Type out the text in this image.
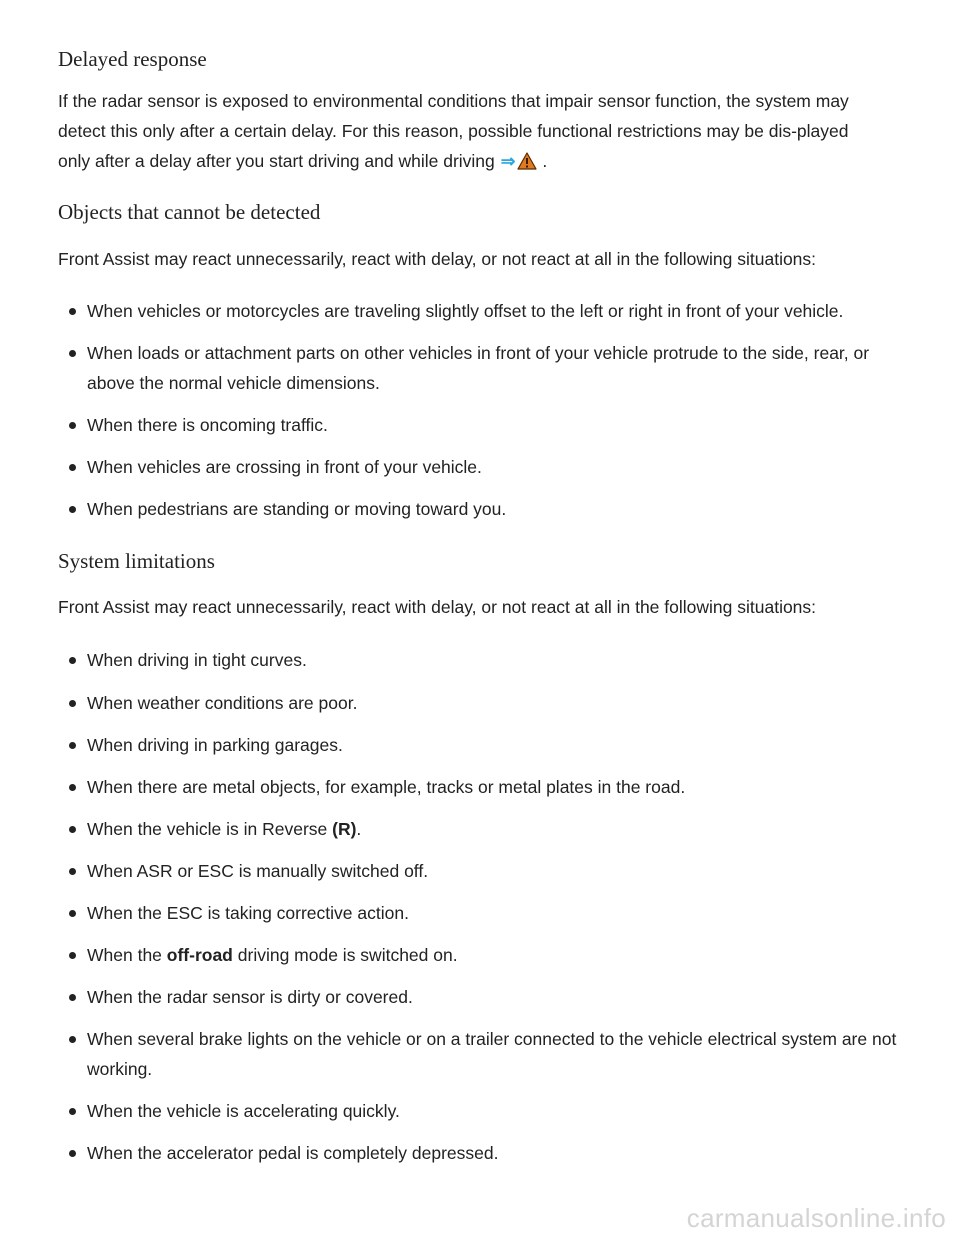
Delayed response

If the radar sensor is exposed to environmental conditions that impair sensor function, the system may detect this only after a certain delay. For this reason, possible functional restrictions may be dis-played only after a delay after you start driving and while driving ⇒ .

Objects that cannot be detected

Front Assist may react unnecessarily, react with delay, or not react at all in the following situations:

When vehicles or motorcycles are traveling slightly offset to the left or right in front of your vehicle.
When loads or attachment parts on other vehicles in front of your vehicle protrude to the side, rear, or above the normal vehicle dimensions.
When there is oncoming traffic.
When vehicles are crossing in front of your vehicle.
When pedestrians are standing or moving toward you.
System limitations

Front Assist may react unnecessarily, react with delay, or not react at all in the following situations:

When driving in tight curves.
When weather conditions are poor.
When driving in parking garages.
When there are metal objects, for example, tracks or metal plates in the road.
When the vehicle is in Reverse (R).
When ASR or ESC is manually switched off.
When the ESC is taking corrective action.
When the off-road driving mode is switched on.
When the radar sensor is dirty or covered.
When several brake lights on the vehicle or on a trailer connected to the vehicle electrical system are not working.
When the vehicle is accelerating quickly.
When the accelerator pedal is completely depressed.
carmanualsonline.info
